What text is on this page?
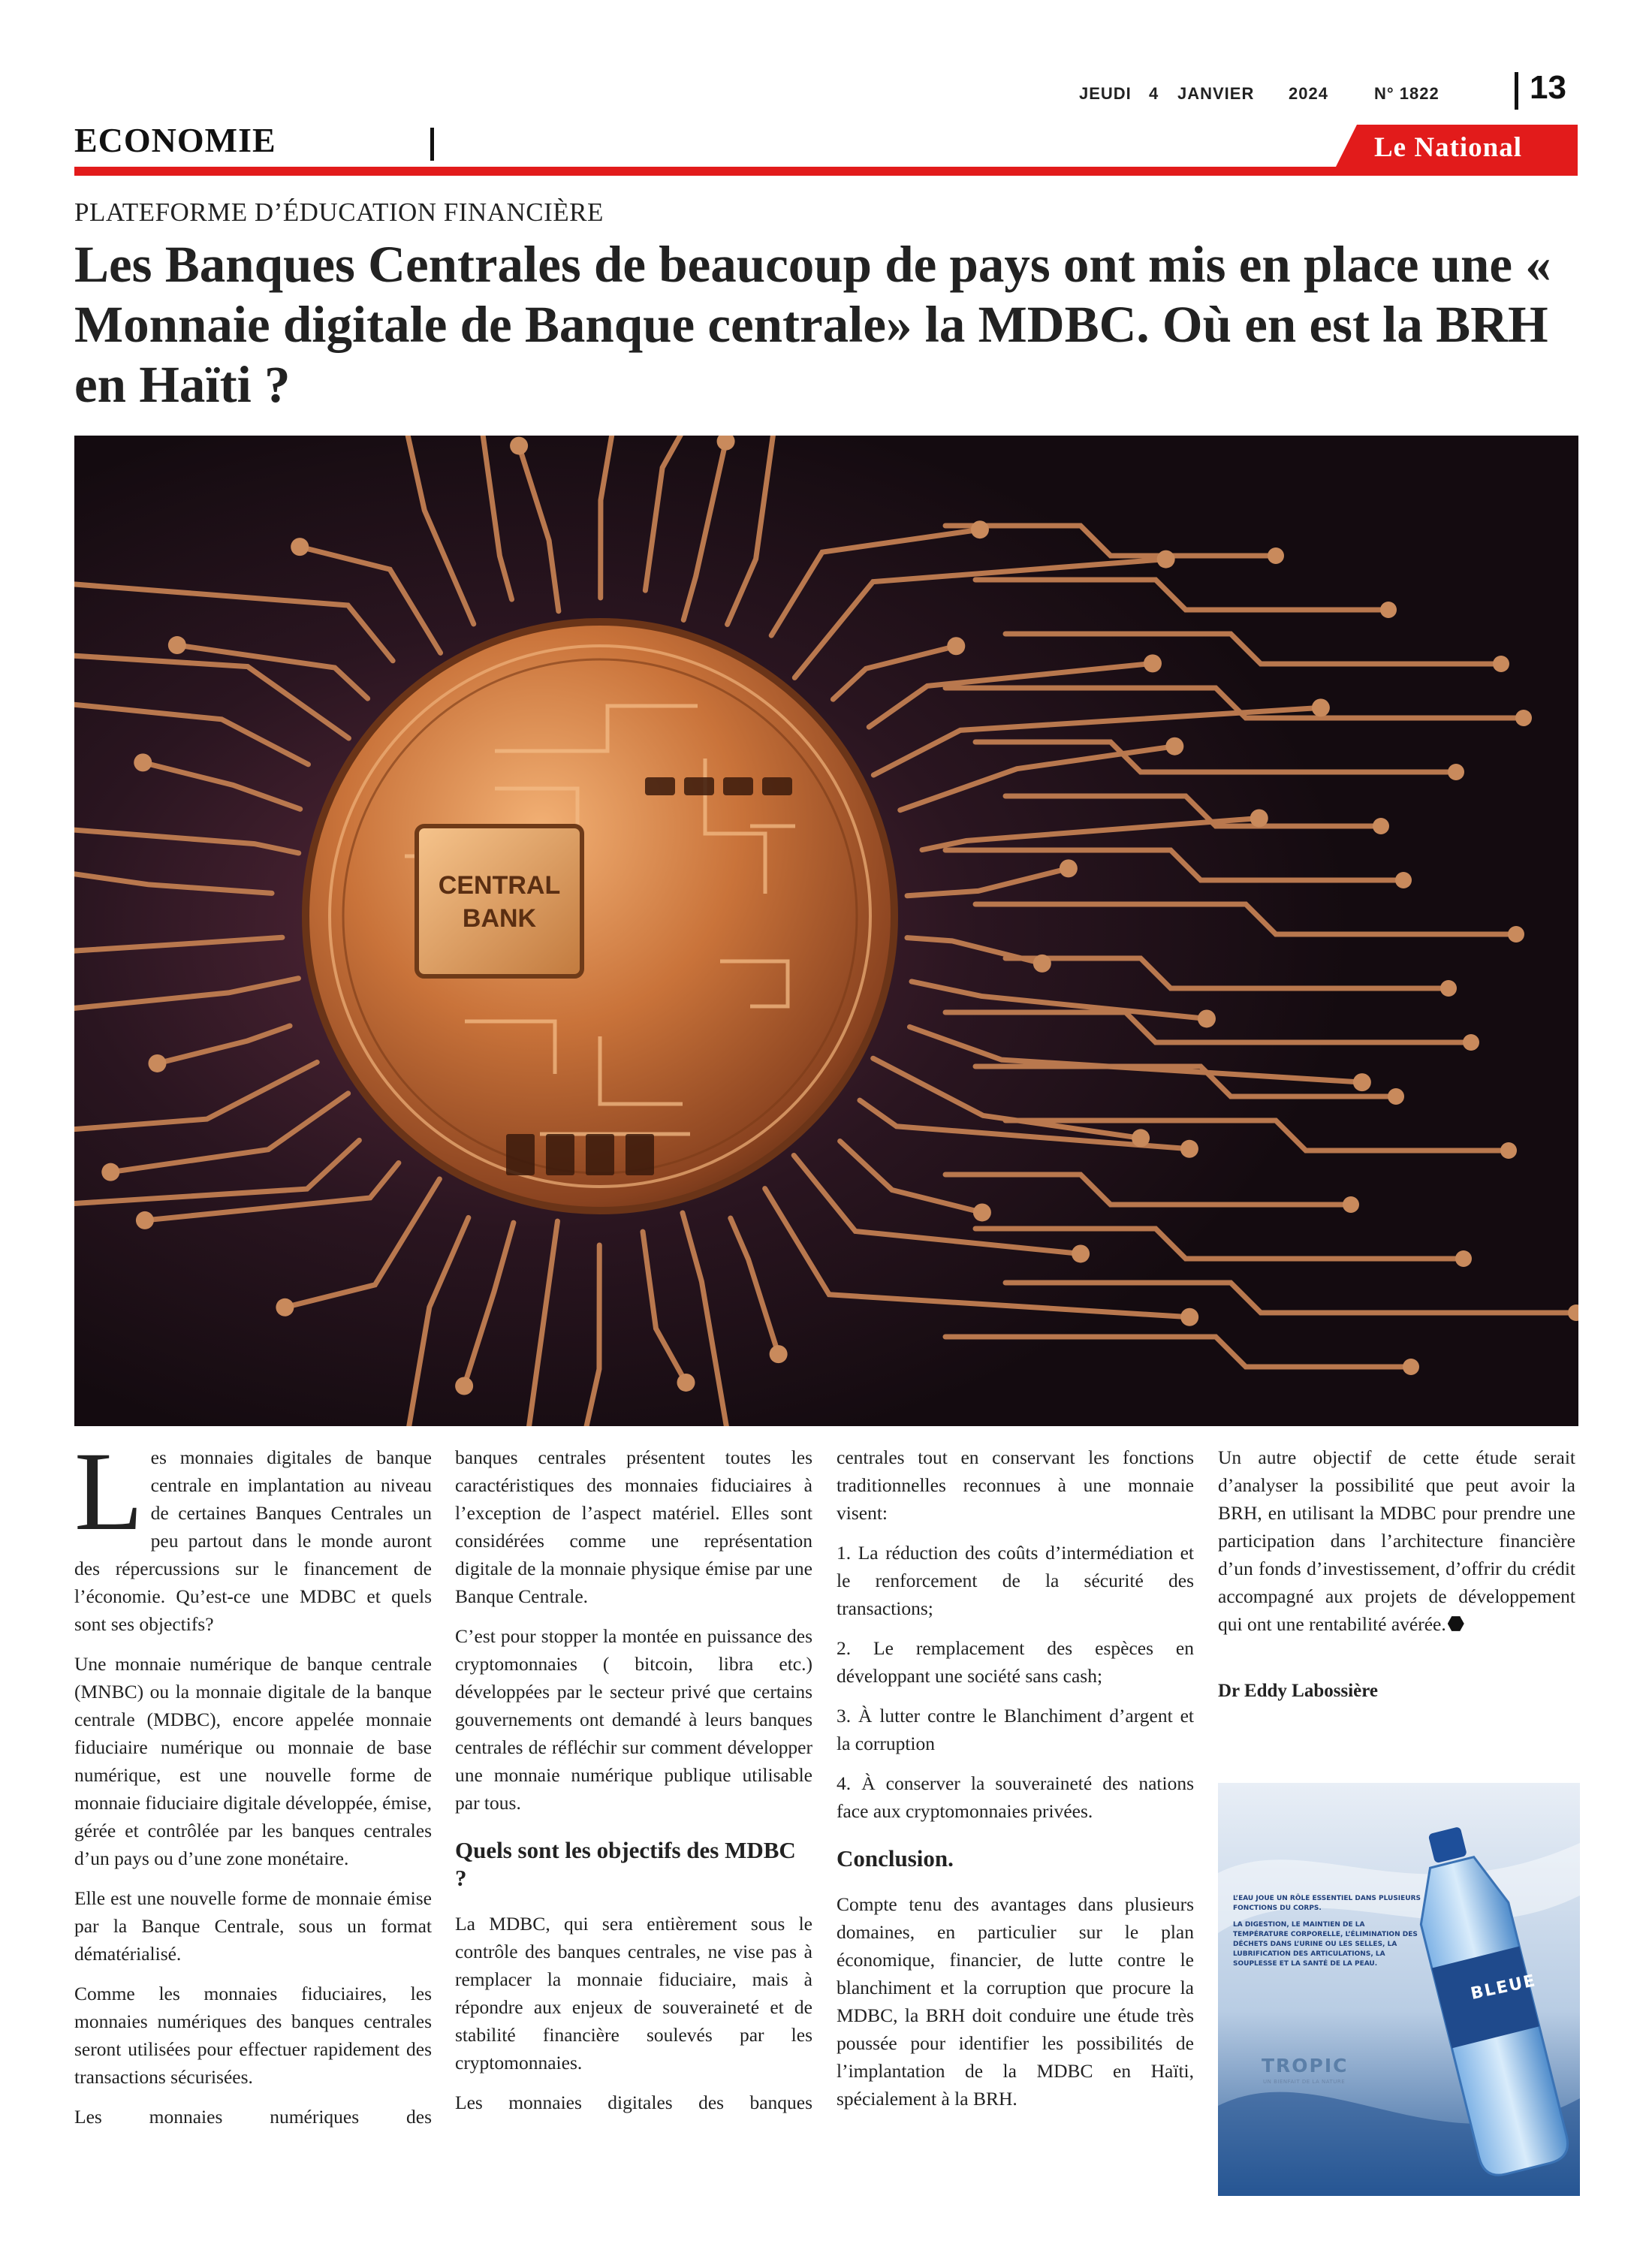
JEUDI 4 JANVIER 2024	N° 1822	13
ECONOMIE	Le National
PLATEFORME D’ÉDUCATION FINANCIÈRE
Les Banques Centrales de beaucoup de pays ont mis en place une « Monnaie digitale de Banque centrale» la MDBC. Où en est la BRH en Haïti ?
CENTRAL
BANK

Les monnaies digitales de banque centrale en implantation au niveau de certaines Banques Centrales un peu partout dans le monde auront des répercussions sur le financement de l’économie. Qu’est-ce une MDBC et quels sont ses objectifs?

Une monnaie numérique de banque centrale (MNBC) ou la monnaie digitale de la banque centrale (MDBC), encore appelée monnaie fiduciaire numérique ou monnaie de base numérique, est une nouvelle forme de monnaie fiduciaire digitale développée, émise, gérée et contrôlée par les banques centrales d’un pays ou d’une zone monétaire.

Elle est une nouvelle forme de monnaie émise par la Banque Centrale, sous un format dématérialisé.

Comme les monnaies fiduciaires, les monnaies numériques des banques centrales seront utilisées pour effectuer rapidement des transactions sécurisées.

Les monnaies numériques des

banques centrales présentent toutes les caractéristiques des monnaies fiduciaires à l’exception de l’aspect matériel. Elles sont considérées comme une représentation digitale de la monnaie physique émise par une Banque Centrale.

C’est pour stopper la montée en puissance des cryptomonnaies ( bitcoin, libra etc.) développées par le secteur privé que certains gouvernements ont demandé à leurs banques centrales de réfléchir sur comment développer une monnaie numérique publique utilisable par tous.

Quels sont les objectifs des MDBC ?

La MDBC, qui sera entièrement sous le contrôle des banques centrales, ne vise pas à remplacer la monnaie fiduciaire, mais à répondre aux enjeux de souveraineté et de stabilité financière soulevés par les cryptomonnaies.

Les monnaies digitales des banques

centrales tout en conservant les fonctions traditionnelles reconnues à une monnaie visent:

1. La réduction des coûts d’intermédiation et le renforcement de la sécurité des transactions;

2. Le remplacement des espèces en développant une société sans cash;

3. À lutter contre le Blanchiment d’argent et la corruption

4. À conserver la souveraineté des nations face aux cryptomonnaies privées.

Conclusion.

Compte tenu des avantages dans plusieurs domaines, en particulier sur le plan économique, financier, de lutte contre le blanchiment et la corruption que procure la MDBC, la BRH doit conduire une étude très poussée pour identifier les possibilités de l’implantation de la MDBC en Haïti, spécialement à la BRH.

Un autre objectif de cette étude serait d’analyser la possibilité que peut avoir la BRH, en utilisant la MDBC pour prendre une participation dans l’architecture financière d’un fonds d’investissement, d’offrir du crédit accompagné aux projets de développement qui ont une rentabilité avérée.

Dr Eddy Labossière

L’EAU JOUE UN RÔLE ESSENTIEL DANS PLUSIEURS FONCTIONS DU CORPS.

LA DIGESTION, LE MAINTIEN DE LA TEMPÉRATURE CORPORELLE, L’ÉLIMINATION DES DÉCHETS DANS L’URINE OU LES SELLES, LA LUBRIFICATION DES ARTICULATIONS, LA SOUPLESSE ET LA SANTÉ DE LA PEAU.

BLEUE
TROPIC
UN BIENFAIT DE LA NATURE
